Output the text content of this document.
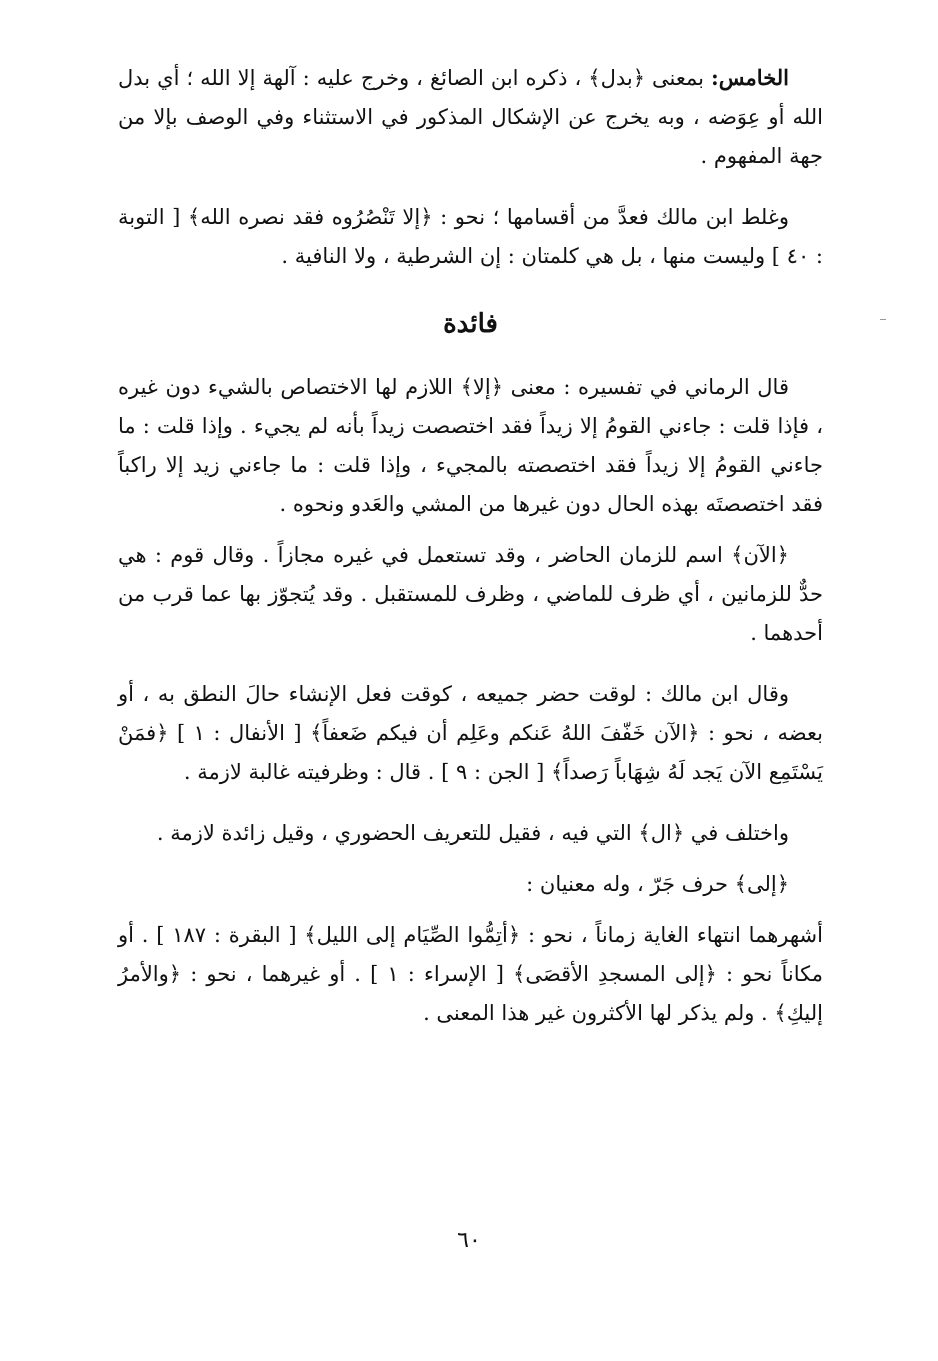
الخامس: بمعنى ﴿بدل﴾ ، ذكره ابن الصائغ ، وخرج عليه : آلهة إلا الله ؛ أي بدل الله أو عِوَضه ، وبه يخرج عن الإشكال المذكور في الاستثناء وفي الوصف بإلا من جهة المفهوم .

وغلط ابن مالك فعدَّ من أقسامها ؛ نحو : ﴿إلا تَنْصُرُوه فقد نصره الله﴾ [ التوبة : ٤٠ ] وليست منها ، بل هي كلمتان : إن الشرطية ، ولا النافية .

فائدة

قال الرماني في تفسيره : معنى ﴿إلا﴾ اللازم لها الاختصاص بالشيء دون غيره ، فإذا قلت : جاءني القومُ إلا زيداً فقد اختصصت زيداً بأنه لم يجيء . وإذا قلت : ما جاءني القومُ إلا زيداً فقد اختصصته بالمجيء ، وإذا قلت : ما جاءني زيد إلا راكباً فقد اختصصتَه بهذه الحال دون غيرها من المشي والعَدو ونحوه .

﴿الآن﴾ اسم للزمان الحاضر ، وقد تستعمل في غيره مجازاً . وقال قوم : هي حدٌّ للزمانين ، أي ظرف للماضي ، وظرف للمستقبل . وقد يُتجوّز بها عما قرب من أحدهما .

وقال ابن مالك : لوقت حضر جميعه ، كوقت فعل الإنشاء حالَ النطق به ، أو بعضه ، نحو : ﴿الآن خَفّفَ اللهُ عَنكم وعَلِم أن فيكم ضَعفاً﴾ [ الأنفال : ١ ] ﴿فمَنْ يَسْتَمِع الآن يَجد لَهُ شِهَاباً رَصداً﴾ [ الجن : ٩ ] . قال : وظرفيته غالبة لازمة .

واختلف في ﴿ال﴾ التي فيه ، فقيل للتعريف الحضوري ، وقيل زائدة لازمة .

﴿إلى﴾ حرف جَرّ ، وله معنيان :

أشهرهما انتهاء الغاية زماناً ، نحو : ﴿أتِمُّوا الصِّيَام إلى الليل﴾ [ البقرة : ١٨٧ ] . أو مكاناً نحو : ﴿إلى المسجدِ الأقصَى﴾ [ الإسراء : ١ ] . أو غيرهما ، نحو : ﴿والأمرُ إليكِ﴾ . ولم يذكر لها الأكثرون غير هذا المعنى .

٦٠
